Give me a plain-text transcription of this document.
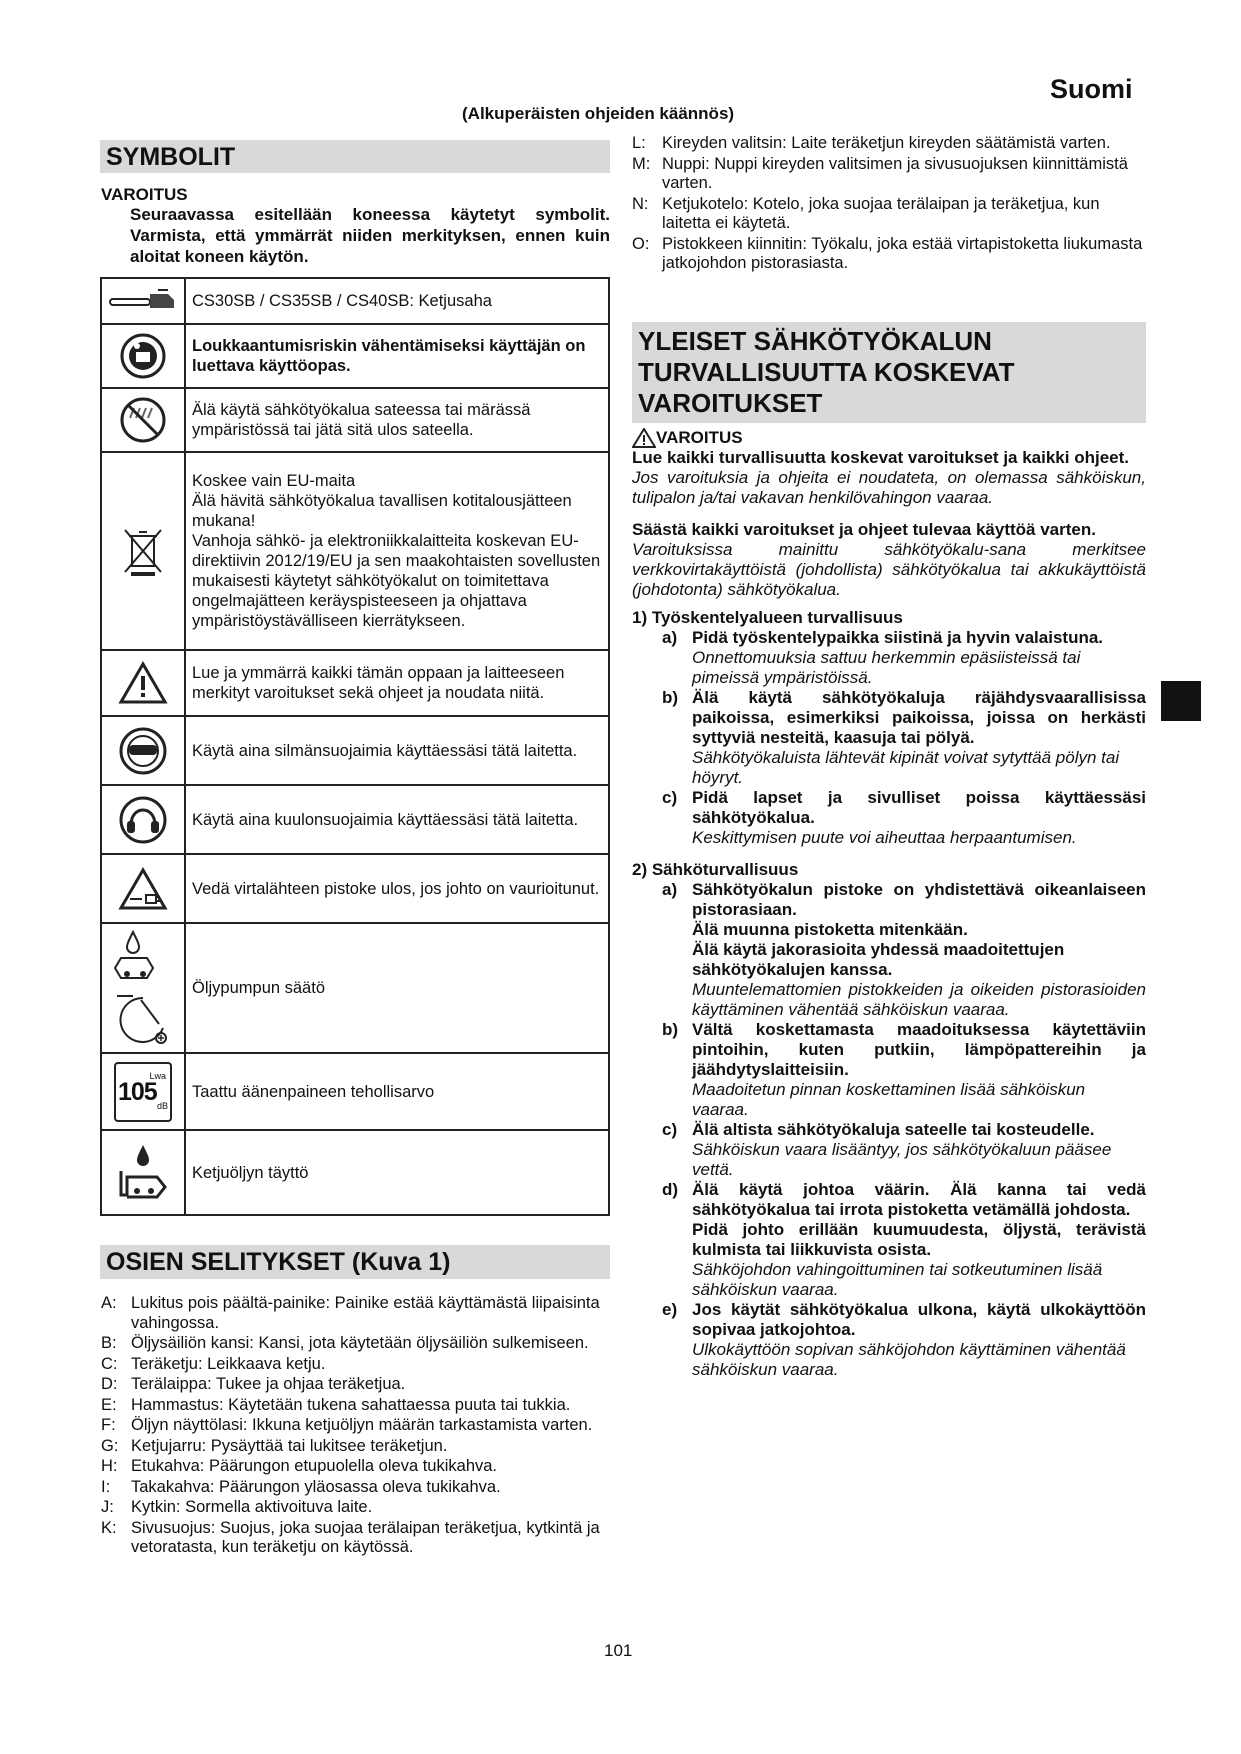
Suomi
(Alkuperäisten ohjeiden käännös)
SYMBOLIT
VAROITUS
Seuraavassa esitellään koneessa käytetyt symbolit. Varmista, että ymmärrät niiden merkityksen, ennen kuin aloitat koneen käytön.
	CS30SB / CS35SB / CS40SB: Ketjusaha

	Loukkaantumisriskin vähentämiseksi käyttäjän on luettava käyttöopas.

	Älä käytä sähkötyökalua sateessa tai märässä ympäristössä tai jätä sitä ulos sateella.

	Koskee vain EU-maita
Älä hävitä sähkötyökalua tavallisen kotitalousjätteen mukana!
Vanhoja sähkö- ja elektroniikkalaitteita koskevan EU-direktiivin 2012/19/EU ja sen maakohtaisten sovellusten mukaisesti käytetyt sähkötyökalut on toimitettava ongelmajätteen keräyspisteeseen ja ohjattava ympäristöystävälliseen kierrätykseen.

	Lue ja ymmärrä kaikki tämän oppaan ja laitteeseen merkityt varoitukset sekä ohjeet ja noudata niitä.

	Käytä aina silmänsuojaimia käyttäessäsi tätä laitetta.

	Käytä aina kuulonsuojaimia käyttäessäsi tätä laitetta.

	Vedä virtalähteen pistoke ulos, jos johto on vaurioitunut.

	Öljypumpun säätö

Lwa
105 dB	Taattu äänenpaineen tehollisarvo

	Ketjuöljyn täyttö
OSIEN SELITYKSET (Kuva 1)
A: Lukitus pois päältä-painike: Painike estää käyttämästä liipaisinta vahingossa.
B: Öljysäiliön kansi: Kansi, jota käytetään öljysäiliön sulkemiseen.
C: Teräketju: Leikkaava ketju.
D: Terälaippa: Tukee ja ohjaa teräketjua.
E: Hammastus: Käytetään tukena sahattaessa puuta tai tukkia.
F: Öljyn näyttölasi: Ikkuna ketjuöljyn määrän tarkastamista varten.
G: Ketjujarru: Pysäyttää tai lukitsee teräketjun.
H: Etukahva: Päärungon etupuolella oleva tukikahva.
I:	Takakahva: Päärungon yläosassa oleva tukikahva.
J:	Kytkin: Sormella aktivoituva laite.
K: Sivusuojus: Suojus, joka suojaa terälaipan teräketjua, kytkintä ja vetoratasta, kun teräketju on käytössä.
L: Kireyden valitsin: Laite teräketjun kireyden säätämistä varten.
M: Nuppi: Nuppi kireyden valitsimen ja sivusuojuksen kiinnittämistä varten.
N: Ketjukotelo: Kotelo, joka suojaa terälaipan ja teräketjua, kun laitetta ei käytetä.
O: Pistokkeen kiinnitin: Työkalu, joka estää virtapistoketta liukumasta jatkojohdon pistorasiasta.
YLEISET SÄHKÖTYÖKALUN TURVALLISUUTTA KOSKEVAT VAROITUKSET
VAROITUS
Lue kaikki turvallisuutta koskevat varoitukset ja kaikki ohjeet.
Jos varoituksia ja ohjeita ei noudateta, on olemassa sähköiskun, tulipalon ja/tai vakavan henkilövahingon vaaraa.
Säästä kaikki varoitukset ja ohjeet tulevaa käyttöä varten.
Varoituksissa mainittu sähkötyökalu-sana merkitsee verkkovirtakäyttöistä (johdollista) sähkötyökalua tai akkukäyttöistä (johdotonta) sähkötyökalua.
1) Työskentelyalueen turvallisuus
a) Pidä työskentelypaikka siistinä ja hyvin valaistuna.
Onnettomuuksia sattuu herkemmin epäsiisteissä tai pimeissä ympäristöissä.
b) Älä käytä sähkötyökaluja räjähdysvaarallisissa paikoissa, esimerkiksi paikoissa, joissa on herkästi syttyviä nesteitä, kaasuja tai pölyä.
Sähkötyökaluista lähtevät kipinät voivat sytyttää pölyn tai höyryt.
c) Pidä lapset ja sivulliset poissa käyttäessäsi sähkötyökalua.
Keskittymisen puute voi aiheuttaa herpaantumisen.
2) Sähköturvallisuus
a) Sähkötyökalun pistoke on yhdistettävä oikeanlaiseen pistorasiaan.
Älä muunna pistoketta mitenkään.
Älä käytä jakorasioita yhdessä maadoitettujen sähkötyökalujen kanssa.
Muuntelemattomien pistokkeiden ja oikeiden pistorasioiden käyttäminen vähentää sähköiskun vaaraa.
b) Vältä koskettamasta maadoituksessa käytettäviin pintoihin, kuten putkiin, lämpöpattereihin ja jäähdytyslaitteisiin.
Maadoitetun pinnan koskettaminen lisää sähköiskun vaaraa.
c) Älä altista sähkötyökaluja sateelle tai kosteudelle.
Sähköiskun vaara lisääntyy, jos sähkötyökaluun pääsee vettä.
d) Älä käytä johtoa väärin. Älä kanna tai vedä sähkötyökalua tai irrota pistoketta vetämällä johdosta.
Pidä johto erillään kuumuudesta, öljystä, terävistä kulmista tai liikkuvista osista.
Sähköjohdon vahingoittuminen tai sotkeutuminen lisää sähköiskun vaaraa.
e) Jos käytät sähkötyökalua ulkona, käytä ulkokäyttöön sopivaa jatkojohtoa.
Ulkokäyttöön sopivan sähköjohdon käyttäminen vähentää sähköiskun vaaraa.
101
